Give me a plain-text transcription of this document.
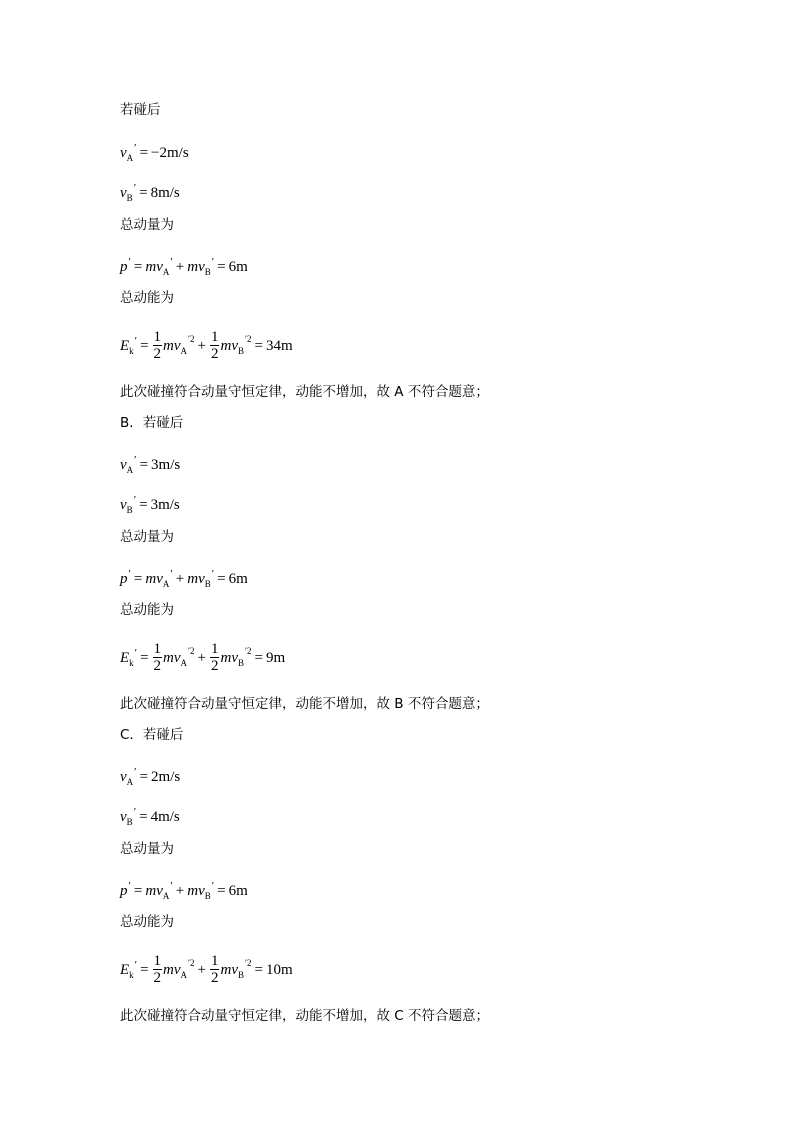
若碰后
$v_A' = -2m/s$
$v_B' = 8m/s$
总动量为
$p' = mv_A' + mv_B' = 6m$
总动能为
$E_k' = \frac{1}{2} mv_A^{'2} + \frac{1}{2} mv_B^{'2} = 34m$
此次碰撞符合动量守恒定律，动能不增加，故 A 不符合题意；
B．若碰后
$v_A' = 3m/s$
$v_B' = 3m/s$
总动量为
$p' = mv_A' + mv_B' = 6m$
总动能为
$E_k' = \frac{1}{2} mv_A^{'2} + \frac{1}{2} mv_B^{'2} = 9m$
此次碰撞符合动量守恒定律，动能不增加，故 B 不符合题意；
C．若碰后
$v_A' = 2m/s$
$v_B' = 4m/s$
总动量为
$p' = mv_A' + mv_B' = 6m$
总动能为
$E_k' = \frac{1}{2} mv_A^{'2} + \frac{1}{2} mv_B^{'2} = 10m$
此次碰撞符合动量守恒定律，动能不增加，故 C 不符合题意；
